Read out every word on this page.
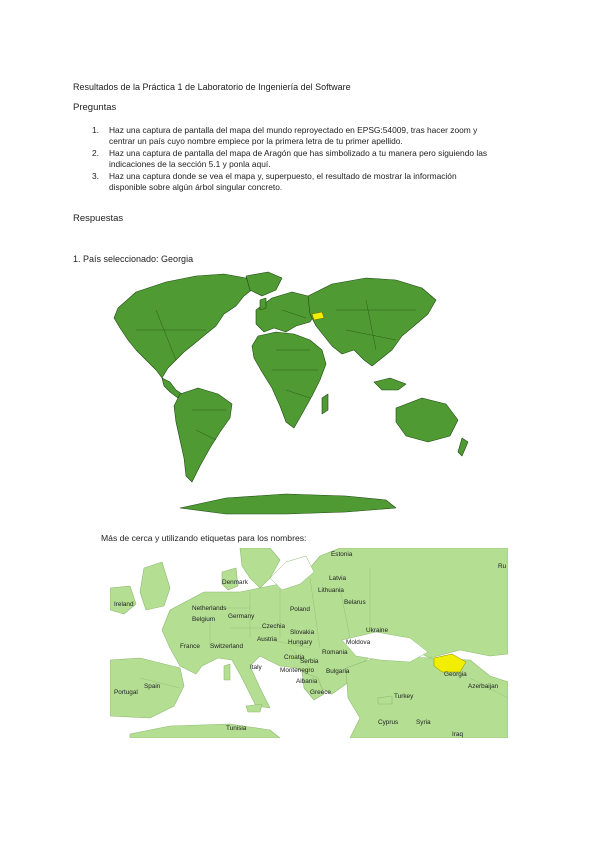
Resultados de la Práctica 1 de Laboratorio de Ingeniería del Software
Preguntas
1. Haz una captura de pantalla del mapa del mundo reproyectado en EPSG:54009, tras hacer zoom y
centrar un país cuyo nombre empiece por la primera letra de tu primer apellido.
2. Haz una captura de pantalla del mapa de Aragón que has simbolizado a tu manera pero siguiendo las
indicaciones de la sección 5.1 y ponla aquí.
3. Haz una captura donde se vea el mapa y, superpuesto, el resultado de mostrar la información
disponible sobre algún árbol singular concreto.
Respuestas
1. País seleccionado: Georgia
Más de cerca y utilizando etiquetas para los nombres:
Estonia
Latvia
Lithuania
Denmark
Belarus
Ireland
Netherlands	Poland
Belgium Germany
Czechia
Ukraine
Slovakia
Austria Hungary	Moldova
France Switzerland
Romania
Croatia
Serbia
Italy	Montenegro Bulgaria	Georgia
Albania
Azerbaijan
Spain
Greece
Turkey
Portugal
Cyprus	Syria
Tunisia
Iraq
Ru
